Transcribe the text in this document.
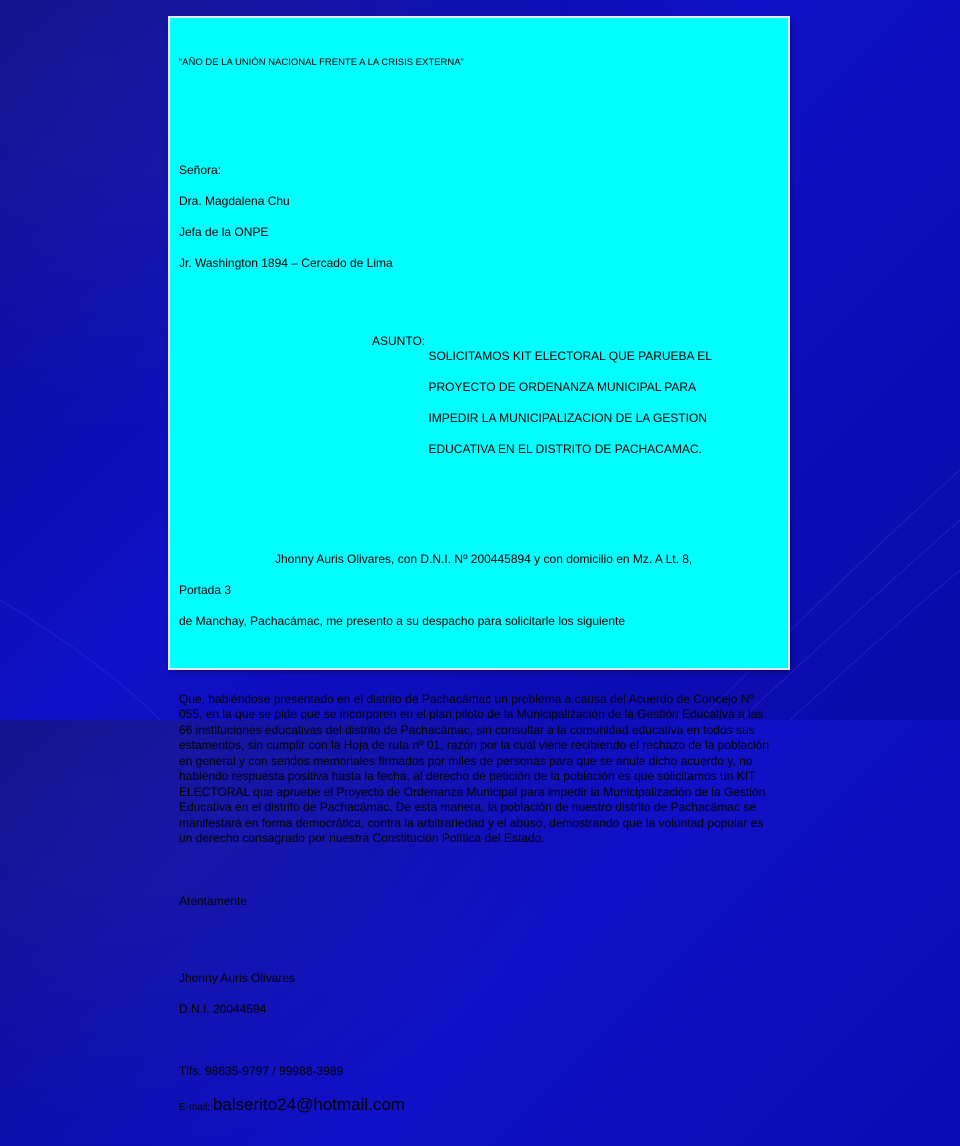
“AÑO DE LA UNIÓN NACIONAL FRENTE A LA CRISIS EXTERNA”

Señora:

Dra. Magdalena Chu

Jefa de la ONPE

Jr. Washington 1894 – Cercado de Lima

ASUNTO:

SOLICITAMOS KIT ELECTORAL QUE PARUEBA EL

PROYECTO DE ORDENANZA MUNICIPAL PARA

IMPEDIR LA MUNICIPALIZACION DE LA GESTION

EDUCATIVA EN EL DISTRITO DE PACHACAMAC.

Jhonny Auris Olivares, con D.N.I. Nº 200445894 y con domicilio en Mz. A Lt. 8,

Portada 3

de Manchay, Pachacámac, me presento a su despacho para solicitarle los siguiente

Que, habiéndose presentado en el distrito de Pachacámac un problema a causa del Acuerdo de Concejo Nº 055, en la que se pide que se incorporen en el plan piloto de la Municipalización de la Gestión Educativa a las 66 instituciones educativas del distrito de Pachacámac, sin consultar a la comunidad educativa en todos sus estamentos, sin cumplir con la Hoja de ruta nº 01, razón por la cual viene recibiendo el rechazo de la población en general y con sendos memoriales firmados por miles de personas para que se anule dicho acuerdo y, no habiendo respuesta positiva hasta la fecha, al derecho de petición de la población es que solicitamos un KIT ELECTORAL que apruebe el Proyecto de Ordenanza Municipal para impedir la Municipalización de la Gestión Educativa en el distrito de Pachacámac. De esta manera, la población de nuestro distrito de Pachacámac se manifestará en forma democrática, contra la arbitrariedad y el abuso, demostrando que la voluntad popular es un derecho consagrado por nuestra Constitución Política del Estado.

Atentamente

Jhonny Auris Olivares

D.N.I. 20044594

Tlfs. 98835-9797 / 99988-3989

E-mail: balserito24@hotmail.com
